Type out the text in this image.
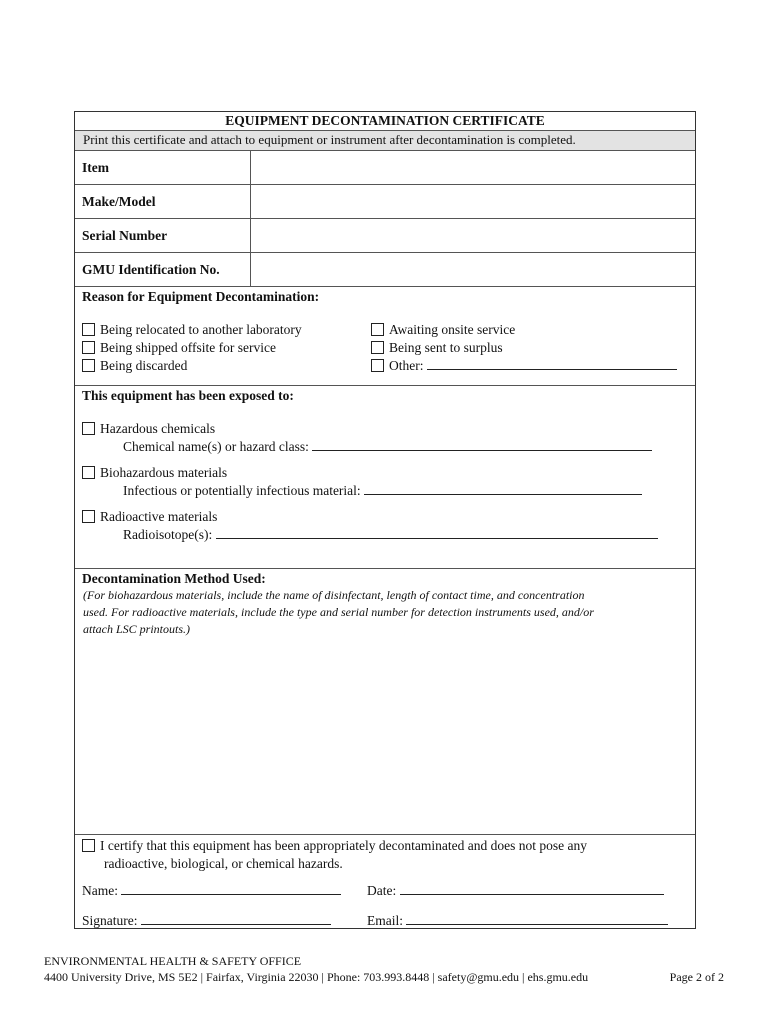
EQUIPMENT DECONTAMINATION CERTIFICATE
Print this certificate and attach to equipment or instrument after decontamination is completed.
Item
Make/Model
Serial Number
GMU Identification No.
Reason for Equipment Decontamination:
Being relocated to another laboratory
Being shipped offsite for service
Being discarded
Awaiting onsite service
Being sent to surplus
Other:
This equipment has been exposed to:
Hazardous chemicals
Chemical name(s) or hazard class:
Biohazardous materials
Infectious or potentially infectious material:
Radioactive materials
Radioisotope(s):
Decontamination Method Used:
(For biohazardous materials, include the name of disinfectant, length of contact time, and concentration
used. For radioactive materials, include the type and serial number for detection instruments used, and/or
attach LSC printouts.)
I certify that this equipment has been appropriately decontaminated and does not pose any
radioactive, biological, or chemical hazards.
Name:	Date:
Signature:	Email:
ENVIRONMENTAL HEALTH & SAFETY OFFICE
4400 University Drive, MS 5E2 | Fairfax, Virginia 22030 | Phone: 703.993.8448 | safety@gmu.edu | ehs.gmu.edu	Page 2 of 2
